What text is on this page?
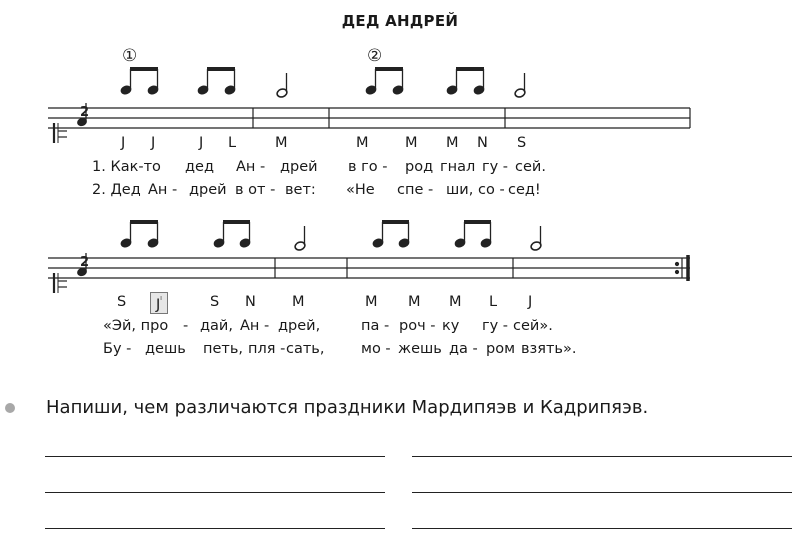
ДЕД АНДРЕЙ
2
2
①	②
J J	J L	M	M	M M N S
1. Как-то дед Ан - дрей в го - род гнал гу - сей.
2. Дед Ан - дрей в от - вет: «Не спе - ши, со - сед!
S	$J^ˡ$	S N M	M M M L J
«Эй, про - дай, Ан - дрей,	па - роч - ку гу - сей».
Бу - дешь петь, пля - сать,	мо - жешь да - ром взять».
Напиши, чем различаются праздники Мардипяэв и Кадрипяэв.
